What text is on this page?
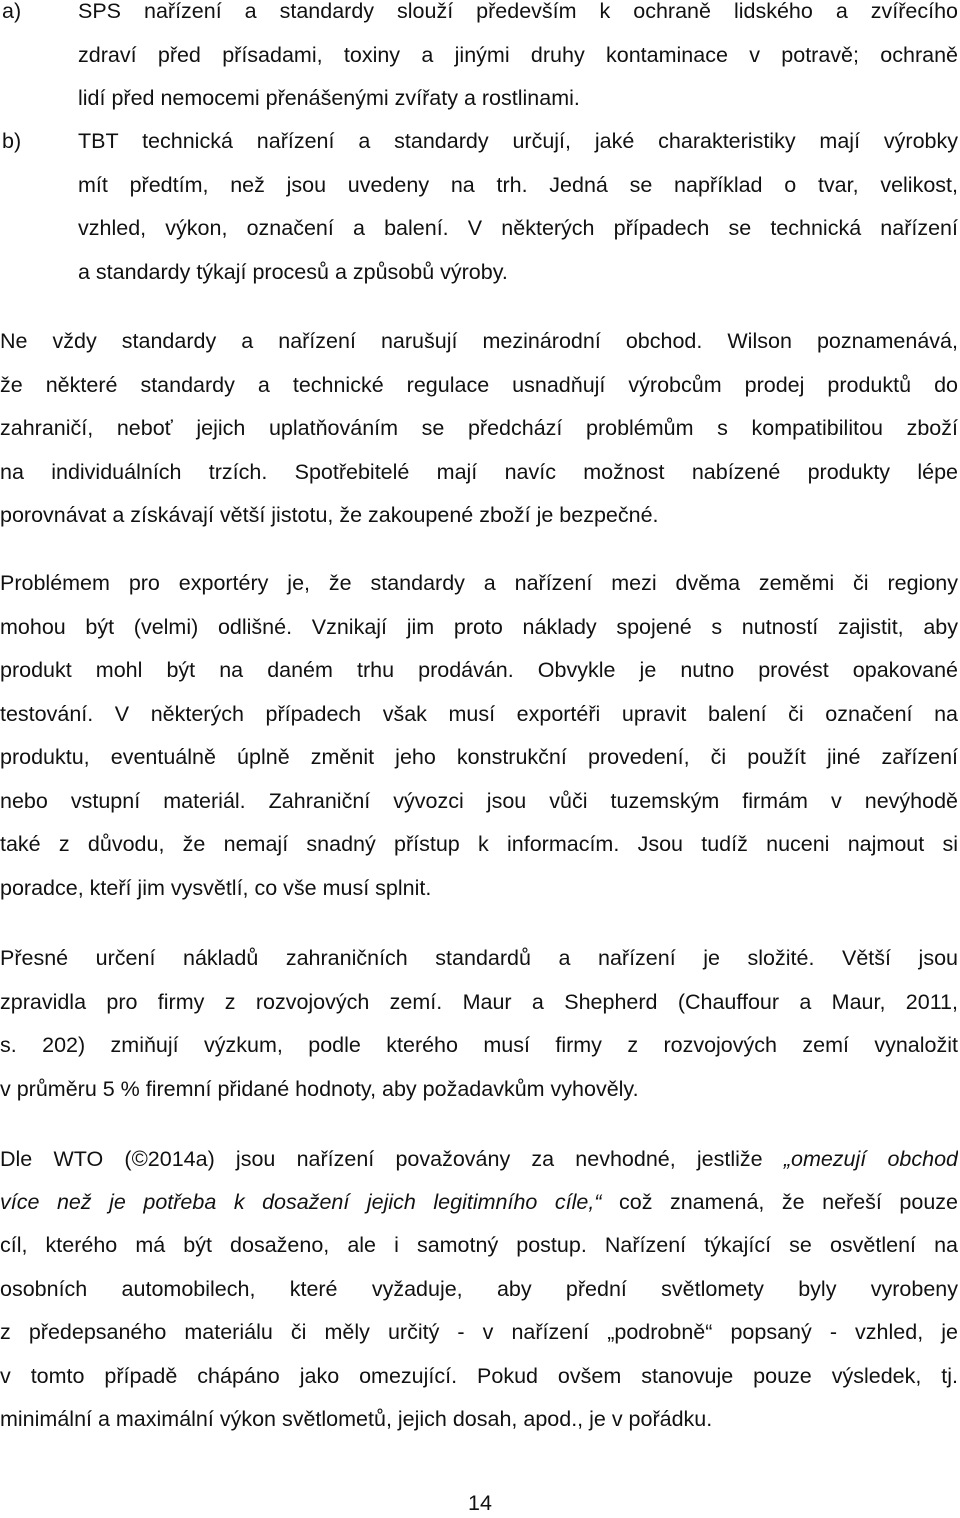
a)	SPS nařízení a standardy slouží především k ochraně lidského a zvířecího
zdraví před přísadami, toxiny a jinými druhy kontaminace v potravě; ochraně
lidí před nemocemi přenášenými zvířaty a rostlinami.
b)	TBT technická nařízení a standardy určují, jaké charakteristiky mají výrobky
mít předtím, než jsou uvedeny na trh. Jedná se například o tvar, velikost,
vzhled, výkon, označení a balení. V některých případech se technická nařízení
a standardy týkají procesů a způsobů výroby.
Ne vždy standardy a nařízení narušují mezinárodní obchod. Wilson poznamenává,
že některé standardy a technické regulace usnadňují výrobcům prodej produktů do
zahraničí, neboť jejich uplatňováním se předchází problémům s kompatibilitou zboží
na individuálních trzích. Spotřebitelé mají navíc možnost nabízené produkty lépe
porovnávat a získávají větší jistotu, že zakoupené zboží je bezpečné.
Problémem pro exportéry je, že standardy a nařízení mezi dvěma zeměmi či regiony
mohou být (velmi) odlišné. Vznikají jim proto náklady spojené s nutností zajistit, aby
produkt mohl být na daném trhu prodáván. Obvykle je nutno provést opakované
testování. V některých případech však musí exportéři upravit balení či označení na
produktu, eventuálně úplně změnit jeho konstrukční provedení, či použít jiné zařízení
nebo vstupní materiál. Zahraniční vývozci jsou vůči tuzemským firmám v nevýhodě
také z důvodu, že nemají snadný přístup k informacím. Jsou tudíž nuceni najmout si
poradce, kteří jim vysvětlí, co vše musí splnit.
Přesné určení nákladů zahraničních standardů a nařízení je složité. Větší jsou
zpravidla pro firmy z rozvojových zemí. Maur a Shepherd (Chauffour a Maur, 2011,
s. 202) zmiňují výzkum, podle kterého musí firmy z rozvojových zemí vynaložit
v průměru 5 % firemní přidané hodnoty, aby požadavkům vyhověly.
Dle WTO (©2014a) jsou nařízení považovány za nevhodné, jestliže „omezují obchod
více než je potřeba k dosažení jejich legitimního cíle,“ což znamená, že neřeší pouze
cíl, kterého má být dosaženo, ale i samotný postup. Nařízení týkající se osvětlení na
osobních automobilech, které vyžaduje, aby přední světlomety byly vyrobeny
z předepsaného materiálu či měly určitý - v nařízení „podrobně“ popsaný - vzhled, je
v tomto případě chápáno jako omezující. Pokud ovšem stanovuje pouze výsledek, tj.
minimální a maximální výkon světlometů, jejich dosah, apod., je v pořádku.
14
